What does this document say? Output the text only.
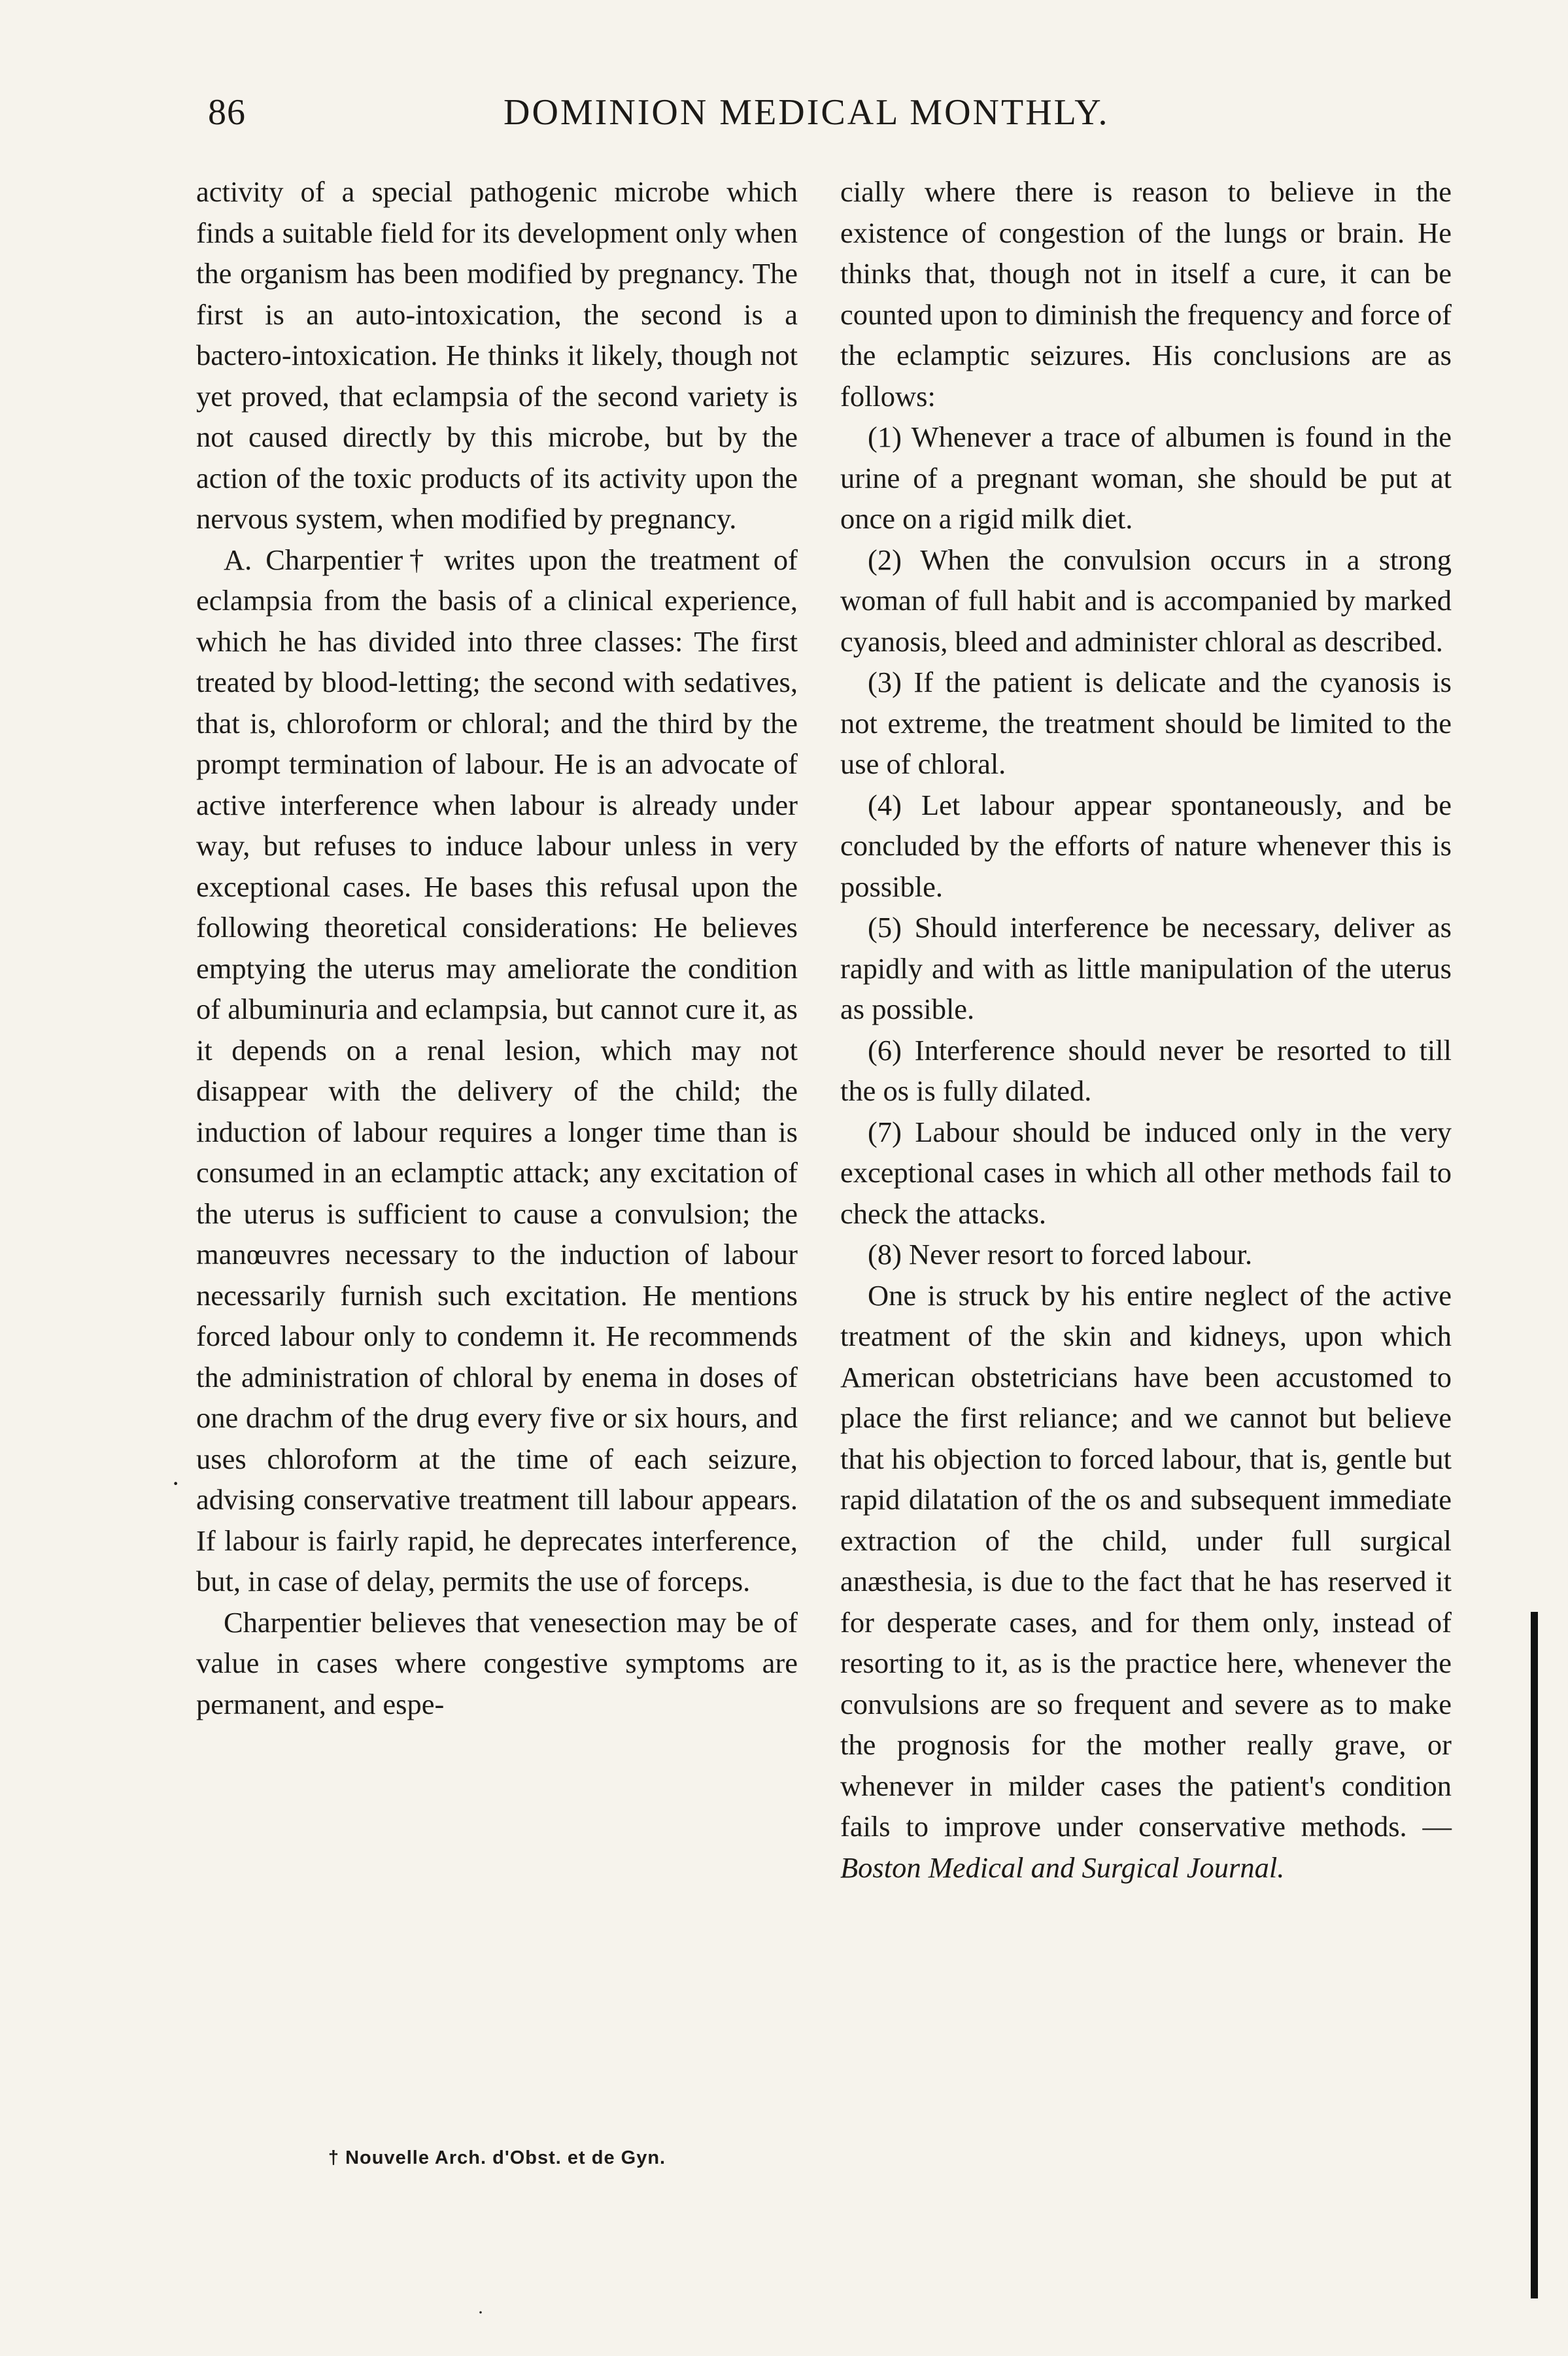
86	DOMINION MEDICAL MONTHLY.

activity of a special pathogenic microbe which finds a suitable field for its development only when the organism has been modified by pregnancy. The first is an auto-intoxication, the second is a bactero-intoxication. He thinks it likely, though not yet proved, that eclampsia of the second variety is not caused directly by this microbe, but by the action of the toxic products of its activity upon the nervous system, when modified by pregnancy.

A. Charpentier† writes upon the treatment of eclampsia from the basis of a clinical experience, which he has divided into three classes: The first treated by blood-letting; the second with sedatives, that is, chloroform or chloral; and the third by the prompt termination of labour. He is an advocate of active interference when labour is already under way, but refuses to induce labour unless in very exceptional cases. He bases this refusal upon the following theoretical considerations: He believes emptying the uterus may ameliorate the condition of albuminuria and eclampsia, but cannot cure it, as it depends on a renal lesion, which may not disappear with the delivery of the child; the induction of labour requires a longer time than is consumed in an eclamptic attack; any excitation of the uterus is sufficient to cause a convulsion; the manœuvres necessary to the induction of labour necessarily furnish such excitation. He mentions forced labour only to condemn it. He recommends the administration of chloral by enema in doses of one drachm of the drug every five or six hours, and uses chloroform at the time of each seizure, advising conservative treatment till labour appears. If labour is fairly rapid, he deprecates interference, but, in case of delay, permits the use of forceps.

Charpentier believes that venesection may be of value in cases where congestive symptoms are permanent, and espe-

† Nouvelle Arch. d'Obst. et de Gyn.

cially where there is reason to believe in the existence of congestion of the lungs or brain. He thinks that, though not in itself a cure, it can be counted upon to diminish the frequency and force of the eclamptic seizures. His conclusions are as follows:

(1) Whenever a trace of albumen is found in the urine of a pregnant woman, she should be put at once on a rigid milk diet.

(2) When the convulsion occurs in a strong woman of full habit and is accompanied by marked cyanosis, bleed and administer chloral as described.

(3) If the patient is delicate and the cyanosis is not extreme, the treatment should be limited to the use of chloral.

(4) Let labour appear spontaneously, and be concluded by the efforts of nature whenever this is possible.

(5) Should interference be necessary, deliver as rapidly and with as little manipulation of the uterus as possible.

(6) Interference should never be resorted to till the os is fully dilated.

(7) Labour should be induced only in the very exceptional cases in which all other methods fail to check the attacks.

(8) Never resort to forced labour.

One is struck by his entire neglect of the active treatment of the skin and kidneys, upon which American obstetricians have been accustomed to place the first reliance; and we cannot but believe that his objection to forced labour, that is, gentle but rapid dilatation of the os and subsequent immediate extraction of the child, under full surgical anæsthesia, is due to the fact that he has reserved it for desperate cases, and for them only, instead of resorting to it, as is the practice here, whenever the convulsions are so frequent and severe as to make the prognosis for the mother really grave, or whenever in milder cases the patient's condition fails to improve under conservative methods. — Boston Medical and Surgical Journal.

·
·
